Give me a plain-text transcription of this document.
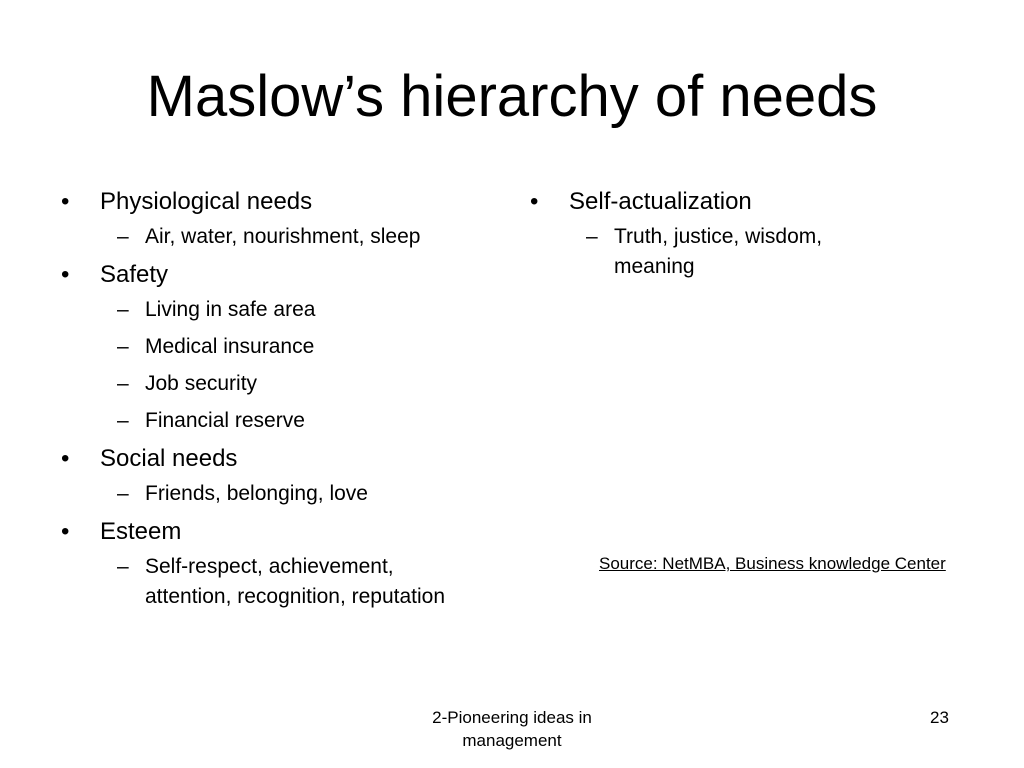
Maslow’s hierarchy of needs
• Physiological needs
– Air, water, nourishment, sleep
• Safety
– Living in safe area
– Medical insurance
– Job security
– Financial reserve
• Social needs
– Friends, belonging, love
• Esteem
– Self-respect, achievement, attention, recognition, reputation
• Self-actualization
– Truth, justice, wisdom, meaning
Source: NetMBA, Business knowledge Center
2-Pioneering ideas in management
23
